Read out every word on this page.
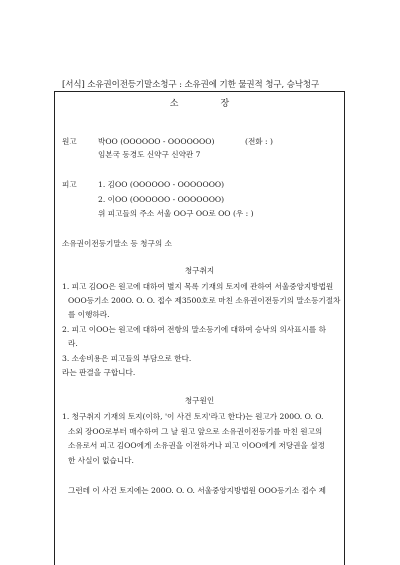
[서식] 소유권이전등기말소청구 : 소유권에 기한 물권적 청구, 승낙청구
소장
원고	박OO (OOOOOO - OOOOOOO)	(전화 : )
임본국 동경도 신약구 신약관 7
피고	1. 김OO (OOOOOO - OOOOOOO)
2. 이OO (OOOOOO - OOOOOOO)
위 피고들의 주소 서울 OO구 OO로 OO (우 : )
소유권이전등기말소 등 청구의 소
청구취지
1. 피고 김OO은 원고에 대하여 별지 목록 기재의 토지에 관하여 서울중앙지방법원
OOO등기소 200O. O. O. 접수 제3500호로 마친 소유권이전등기의 말소등기절차
를 이행하라.
2. 피고 이OO는 원고에 대하여 전항의 말소등기에 대하여 승낙의 의사표시를 하
라.
3. 소송비용은 피고들의 부담으로 한다.
라는 판결을 구합니다.
청구원인
1. 청구취지 기재의 토지(이하, '이 사건 토지'라고 한다)는 원고가 200O. O. O.
소외 장OO로부터 매수하여 그 날 원고 앞으로 소유권이전등기를 마친 원고의
소유로서 피고 김OO에게 소유권을 이전하거나 피고 이OO에게 저당권을 설정
한 사실이 없습니다.
그런데 이 사건 토지에는 200O. O. O. 서울중앙지방법원 OOO등기소 접수 제
